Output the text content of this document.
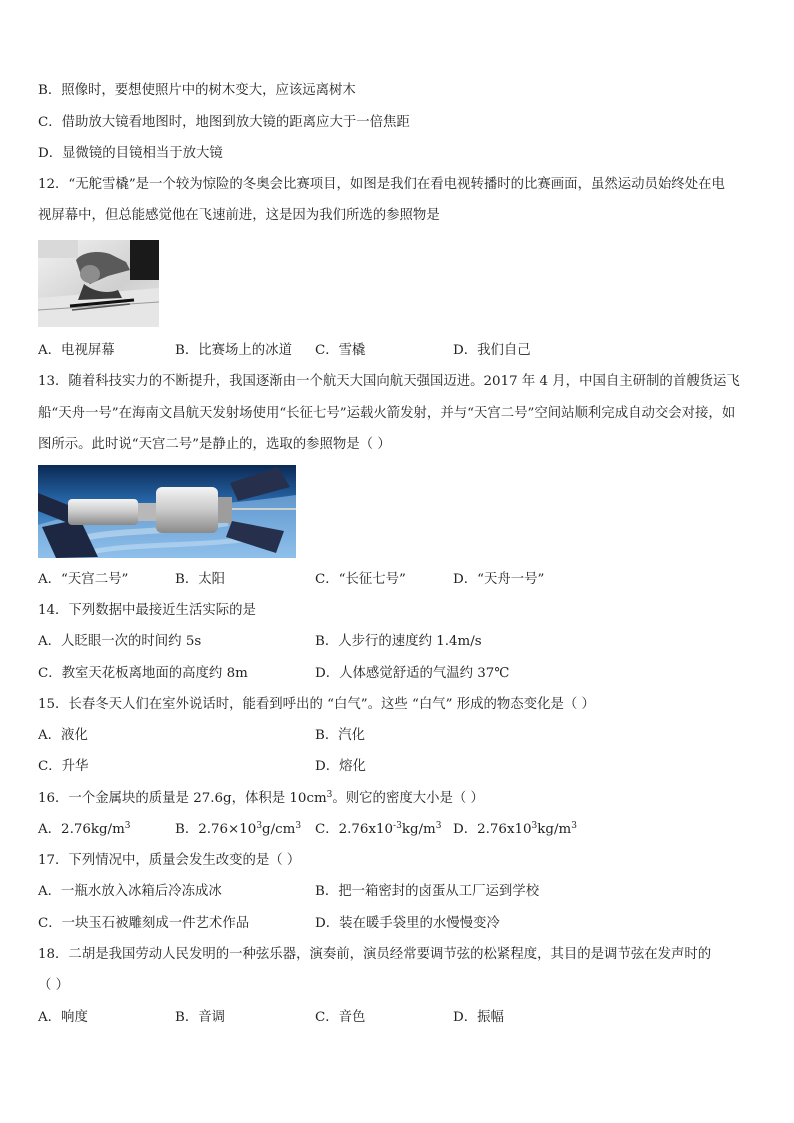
B．照像时，要想使照片中的树木变大，应该远离树木
C．借助放大镜看地图时，地图到放大镜的距离应大于一倍焦距
D．显微镜的目镜相当于放大镜
12．“无舵雪橇”是一个较为惊险的冬奥会比赛项目，如图是我们在看电视转播时的比赛画面，虽然运动员始终处在电
视屏幕中，但总能感觉他在飞速前进，这是因为我们所选的参照物是
A．电视屏幕	B．比赛场上的冰道 C．雪橇	D．我们自己
13．随着科技实力的不断提升，我国逐渐由一个航天大国向航天强国迈进。2017 年 4 月，中国自主研制的首艘货运飞
船“天舟一号”在海南文昌航天发射场使用“长征七号”运载火箭发射，并与“天宫二号”空间站顺利完成自动交会对接，如
图所示。此时说“天宫二号”是静止的，选取的参照物是（ ）
A．“天宫二号”	B．太阳	C．“长征七号”	D．“天舟一号”
14．下列数据中最接近生活实际的是
A．人眨眼一次的时间约 5s	B．人步行的速度约 1.4m/s
C．教室天花板离地面的高度约 8m	D．人体感觉舒适的气温约 37℃
15．长春冬天人们在室外说话时，能看到呼出的 “白气”。这些 “白气” 形成的物态变化是（ ）
A．液化	B．汽化
C．升华	D．熔化
16．一个金属块的质量是 27.6g，体积是 $10cm^3$。则它的密度大小是（ ）
A．$2.76kg/m^3$	B．$2.76\times 10^3g/cm^3$ C．$2.76x10^{-3}kg/m^3$ D．$2.76x10^3kg/m^3$
17．下列情况中，质量会发生改变的是（ ）
A．一瓶水放入冰箱后冷冻成冰	B．把一箱密封的卤蛋从工厂运到学校
C．一块玉石被雕刻成一件艺术作品	D．装在暖手袋里的水慢慢变冷
18．二胡是我国劳动人民发明的一种弦乐器，演奏前，演员经常要调节弦的松紧程度，其目的是调节弦在发声时的
（ ）
A．响度	B．音调	C．音色	D．振幅
